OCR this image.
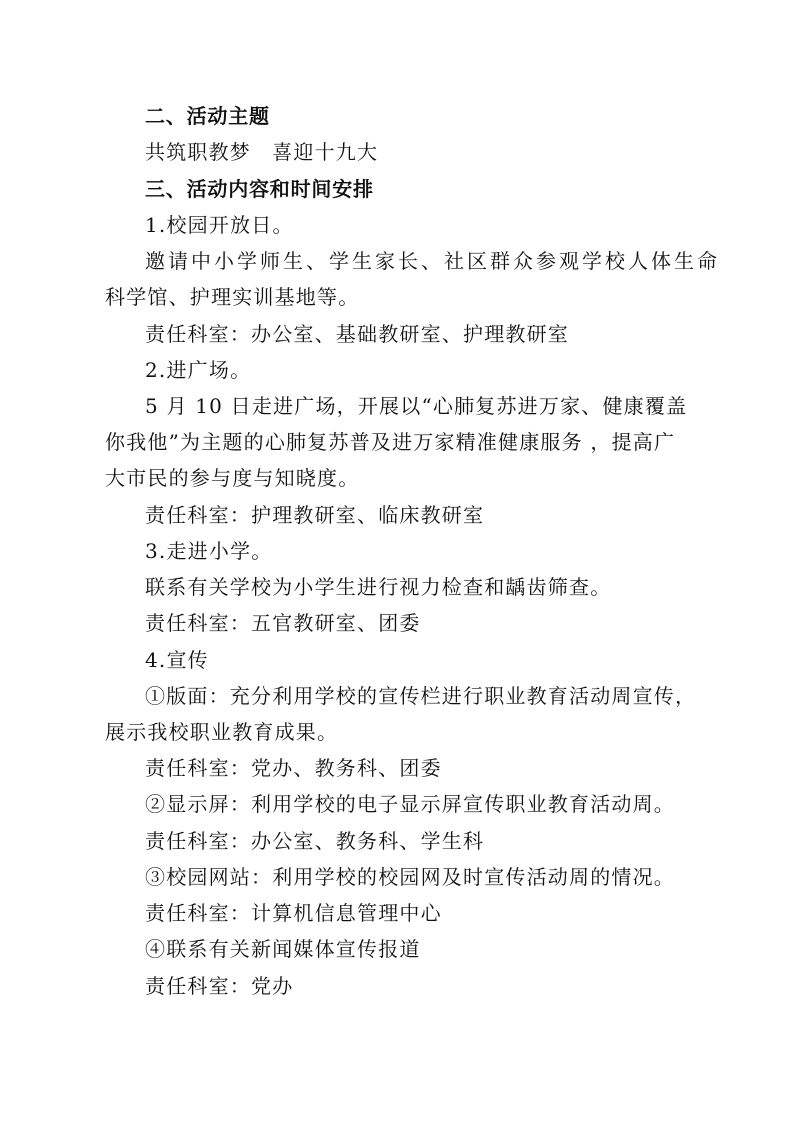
二、活动主题
共筑职教梦　喜迎十九大
三、活动内容和时间安排
1.校园开放日。
邀请中小学师生、学生家长、社区群众参观学校人体生命
科学馆、护理实训基地等。
责任科室：办公室、基础教研室、护理教研室
2.进广场。
5 月 10 日走进广场，开展以“心肺复苏进万家、健康覆盖
你我他”为主题的心肺复苏普及进万家精准健康服务 ，提高广
大市民的参与度与知晓度。
责任科室：护理教研室、临床教研室
3.走进小学。
联系有关学校为小学生进行视力检查和龋齿筛查。
责任科室：五官教研室、团委
4.宣传
①版面：充分利用学校的宣传栏进行职业教育活动周宣传，
展示我校职业教育成果。
责任科室：党办、教务科、团委
②显示屏：利用学校的电子显示屏宣传职业教育活动周。
责任科室：办公室、教务科、学生科
③校园网站：利用学校的校园网及时宣传活动周的情况。
责任科室：计算机信息管理中心
④联系有关新闻媒体宣传报道
责任科室：党办
